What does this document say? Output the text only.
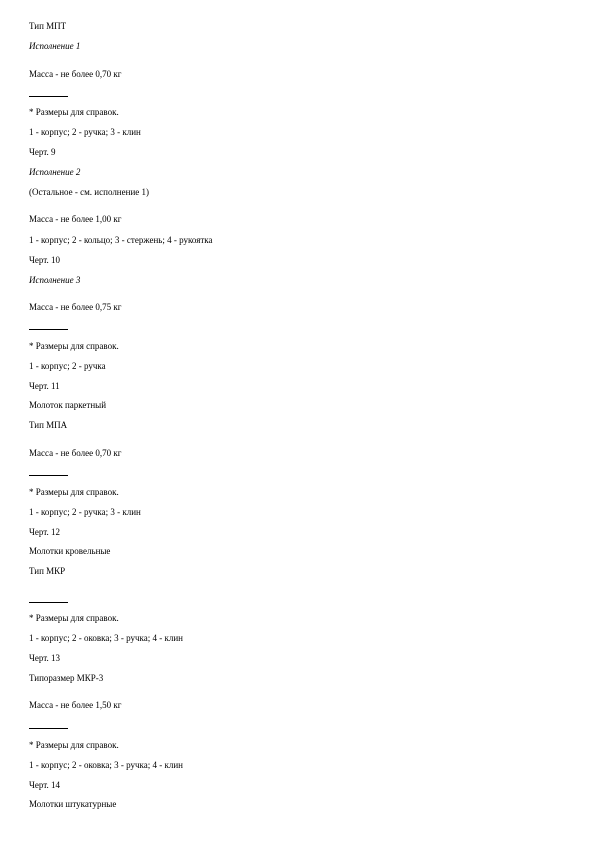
Тип МПТ
Исполнение 1
Масса - не более 0,70 кг
* Размеры для справок.
1 - корпус; 2 - ручка; 3 - клин
Черт. 9
Исполнение 2
(Остальное - см. исполнение 1)
Масса - не более 1,00 кг
1 - корпус; 2 - кольцо; 3 - стержень; 4 - рукоятка
Черт. 10
Исполнение 3
Масса - не более 0,75 кг
* Размеры для справок.
1 - корпус; 2 - ручка
Черт. 11
Молоток паркетный
Тип МПА
Масса - не более 0,70 кг
* Размеры для справок.
1 - корпус; 2 - ручка; 3 - клин
Черт. 12
Молотки кровельные
Тип МКР
* Размеры для справок.
1 - корпус; 2 - оковка; 3 - ручка; 4 - клин
Черт. 13
Типоразмер МКР-3
Масса - не более 1,50 кг
* Размеры для справок.
1 - корпус; 2 - оковка; 3 - ручка; 4 - клин
Черт. 14
Молотки штукатурные
